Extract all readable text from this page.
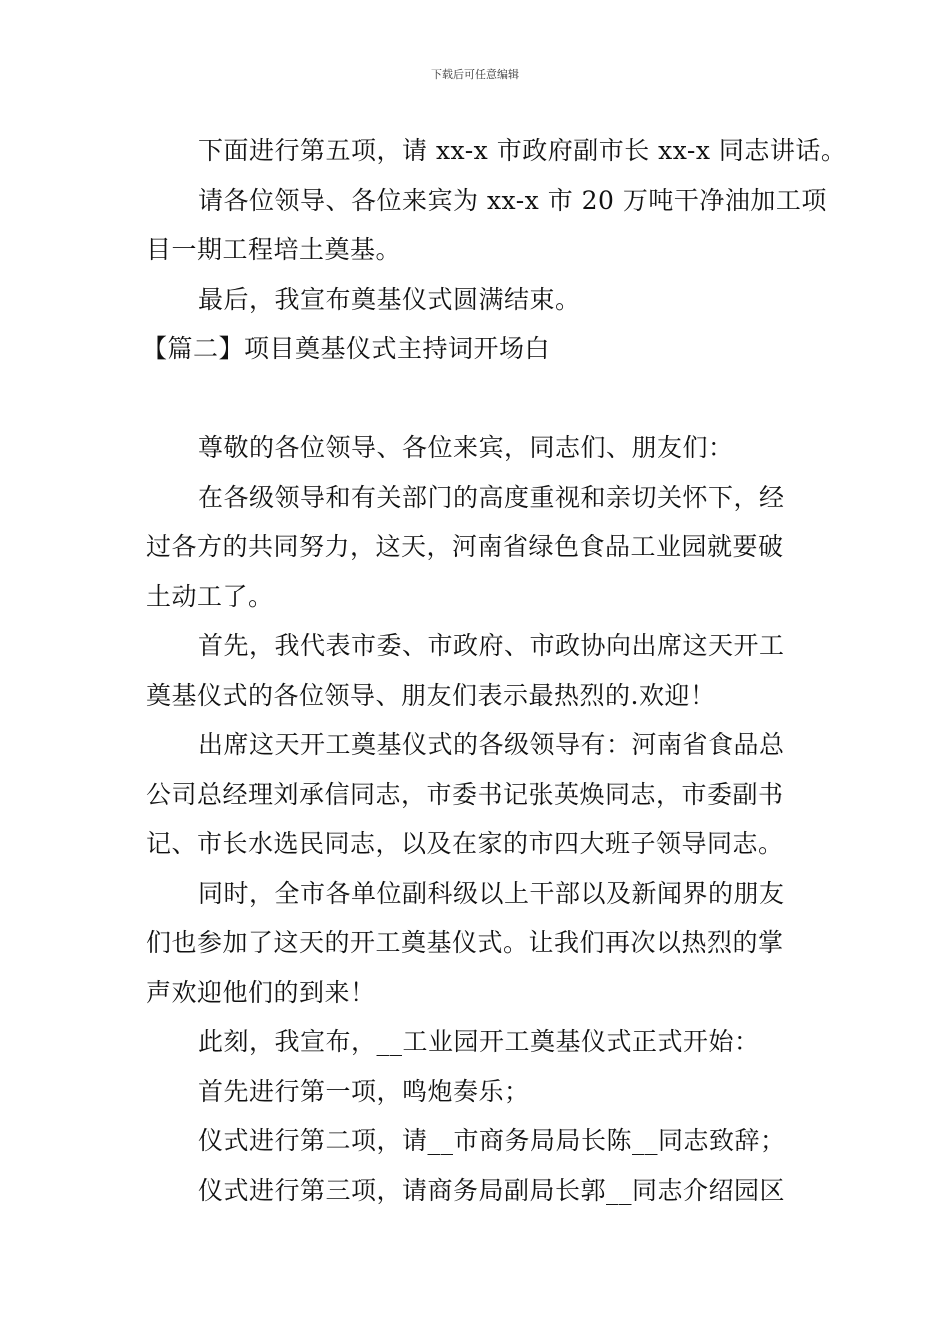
下载后可任意编辑
下面进行第五项，请 xx-x 市政府副市长 xx-x 同志讲话。
请各位领导、各位来宾为 xx-x 市 20 万吨干净油加工项
目一期工程培土奠基。
最后，我宣布奠基仪式圆满结束。
【篇二】项目奠基仪式主持词开场白
尊敬的各位领导、各位来宾，同志们、朋友们：
在各级领导和有关部门的高度重视和亲切关怀下，经
过各方的共同努力，这天，河南省绿色食品工业园就要破
土动工了。
首先，我代表市委、市政府、市政协向出席这天开工
奠基仪式的各位领导、朋友们表示最热烈的.欢迎！
出席这天开工奠基仪式的各级领导有：河南省食品总
公司总经理刘承信同志，市委书记张英焕同志，市委副书
记、市长水选民同志，以及在家的市四大班子领导同志。
同时，全市各单位副科级以上干部以及新闻界的朋友
们也参加了这天的开工奠基仪式。让我们再次以热烈的掌
声欢迎他们的到来！
此刻，我宣布，__工业园开工奠基仪式正式开始：
首先进行第一项，鸣炮奏乐；
仪式进行第二项，请__市商务局局长陈__同志致辞；
仪式进行第三项，请商务局副局长郭__同志介绍园区
